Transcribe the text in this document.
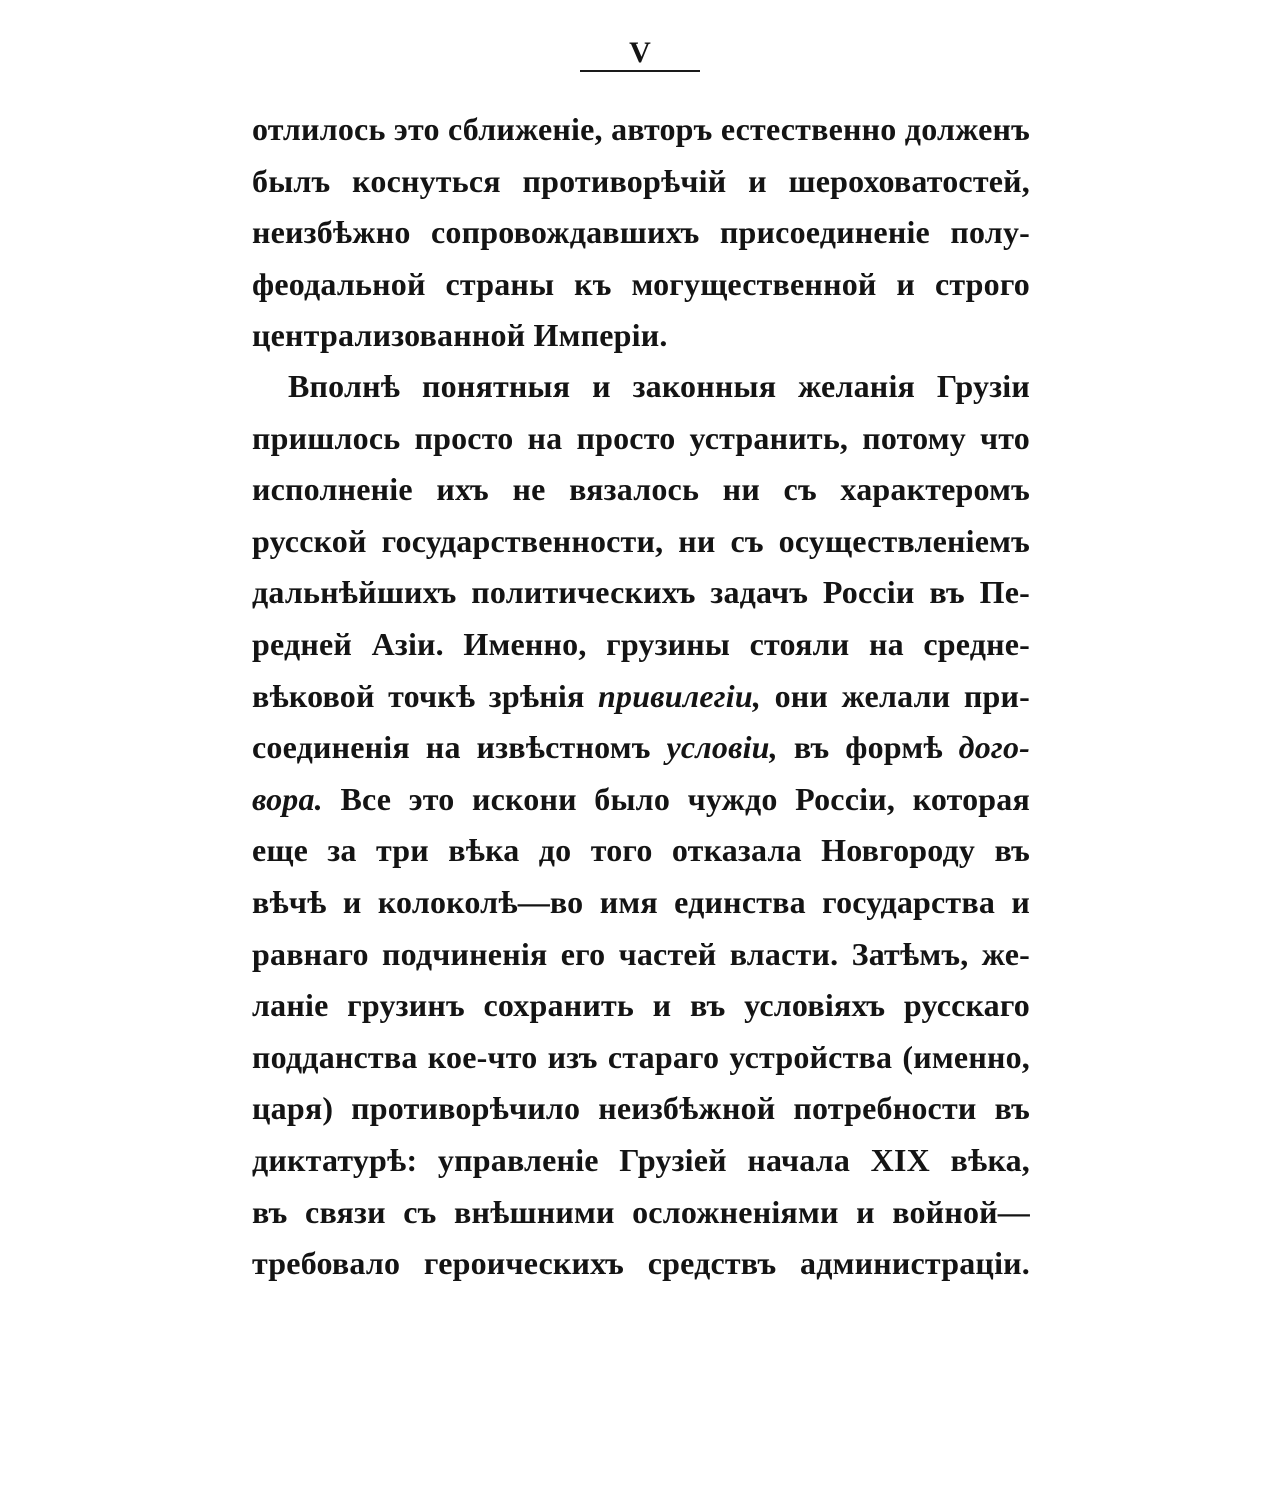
V
отлилось это сближеніе, авторъ естественно долженъ
былъ коснуться противорѣчій и шероховатостей,
неизбѣжно сопровождавшихъ присоединеніе полу-
феодальной страны къ могущественной и строго
централизованной Имперіи.
Вполнѣ понятныя и законныя желанія Грузіи
пришлось просто на просто устранить, потому что
исполненіе ихъ не вязалось ни съ характеромъ
русской государственности, ни съ осуществленіемъ
дальнѣйшихъ политическихъ задачъ Россіи въ Пе-
редней Азіи. Именно, грузины стояли на средне-
вѣковой точкѣ зрѣнія привилегіи, они желали при-
соединенія на извѣстномъ условіи, въ формѣ дого-
вора. Все это искони было чуждо Россіи, которая
еще за три вѣка до того отказала Новгороду въ
вѣчѣ и колоколѣ—во имя единства государства и
равнаго подчиненія его частей власти. Затѣмъ, же-
ланіе грузинъ сохранить и въ условіяхъ русскаго
подданства кое-что изъ стараго устройства (именно,
царя) противорѣчило неизбѣжной потребности въ
диктатурѣ: управленіе Грузіей начала XIX вѣка,
въ связи съ внѣшними осложненіями и войной—
требовало героическихъ средствъ администраціи.
